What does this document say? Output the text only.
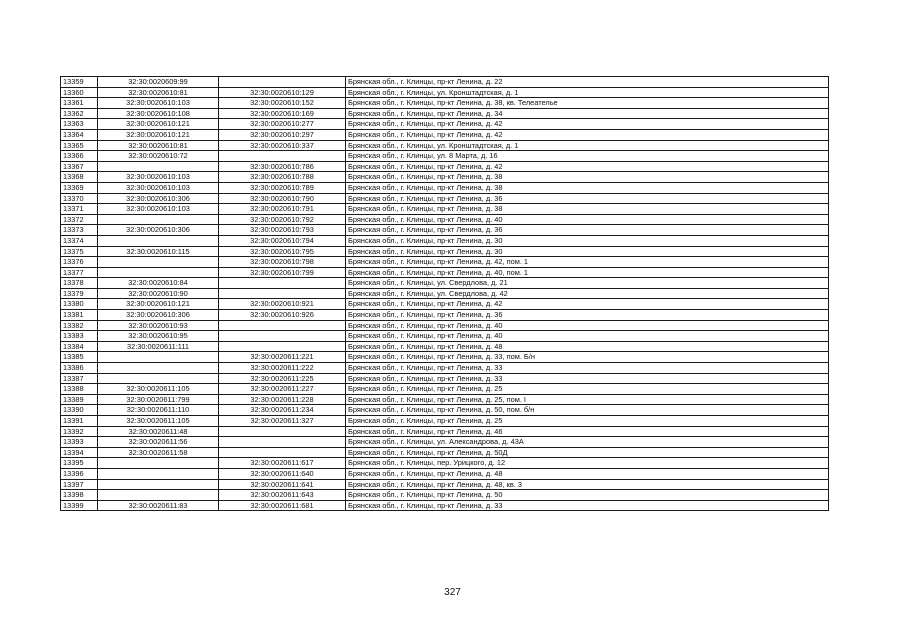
13359	32:30:0020609:99		Брянская обл., г. Клинцы, пр-кт Ленина, д. 22
13360	32:30:0020610:81	32:30:0020610:129	Брянская обл., г. Клинцы, ул. Кронштадтская, д. 1
13361	32:30:0020610:103	32:30:0020610:152	Брянская обл., г. Клинцы, пр-кт Ленина, д. 38, кв. Телеателье
13362	32:30:0020610:108	32:30:0020610:169	Брянская обл., г. Клинцы, пр-кт Ленина, д. 34
13363	32:30:0020610:121	32:30:0020610:277	Брянская обл., г. Клинцы, пр-кт Ленина, д. 42
13364	32:30:0020610:121	32:30:0020610:297	Брянская обл., г. Клинцы, пр-кт Ленина, д. 42
13365	32:30:0020610:81	32:30:0020610:337	Брянская обл., г. Клинцы, ул. Кронштадтская, д. 1
13366	32:30:0020610:72		Брянская обл., г. Клинцы, ул. 8 Марта, д. 16
13367		32:30:0020610:786	Брянская обл., г. Клинцы, пр-кт Ленина, д. 42
13368	32:30:0020610:103	32:30:0020610:788	Брянская обл., г. Клинцы, пр-кт Ленина, д. 38
13369	32:30:0020610:103	32:30:0020610:789	Брянская обл., г. Клинцы, пр-кт Ленина, д. 38
13370	32:30:0020610:306	32:30:0020610:790	Брянская обл., г. Клинцы, пр-кт Ленина, д. 36
13371	32:30:0020610:103	32:30:0020610:791	Брянская обл., г. Клинцы, пр-кт Ленина, д. 38
13372		32:30:0020610:792	Брянская обл., г. Клинцы, пр-кт Ленина, д. 40
13373	32:30:0020610:306	32:30:0020610:793	Брянская обл., г. Клинцы, пр-кт Ленина, д. 36
13374		32:30:0020610:794	Брянская обл., г. Клинцы, пр-кт Ленина, д. 30
13375	32:30:0020610:115	32:30:0020610:795	Брянская обл., г. Клинцы, пр-кт Ленина, д. 30
13376		32:30:0020610:798	Брянская обл., г. Клинцы, пр-кт Ленина, д. 42, пом. 1
13377		32:30:0020610:799	Брянская обл., г. Клинцы, пр-кт Ленина, д. 40, пом. 1
13378	32:30:0020610:84		Брянская обл., г. Клинцы, ул. Свердлова, д. 21
13379	32:30:0020610:90		Брянская обл., г. Клинцы, ул. Свердлова, д. 42
13380	32:30:0020610:121	32:30:0020610:921	Брянская обл., г. Клинцы, пр-кт Ленина, д. 42
13381	32:30:0020610:306	32:30:0020610:926	Брянская обл., г. Клинцы, пр-кт Ленина, д. 36
13382	32:30:0020610:93		Брянская обл., г. Клинцы, пр-кт Ленина, д. 40
13383	32:30:0020610:95		Брянская обл., г. Клинцы, пр-кт Ленина, д. 40
13384	32:30:0020611:111		Брянская обл., г. Клинцы, пр-кт Ленина, д. 48
13385		32:30:0020611:221	Брянская обл., г. Клинцы, пр-кт Ленина, д. 33, пом. Б/н
13386		32:30:0020611:222	Брянская обл., г. Клинцы, пр-кт Ленина, д. 33
13387		32:30:0020611:225	Брянская обл., г. Клинцы, пр-кт Ленина, д. 33
13388	32:30:0020611:105	32:30:0020611:227	Брянская обл., г. Клинцы, пр-кт Ленина, д. 25
13389	32:30:0020611:799	32:30:0020611:228	Брянская обл., г. Клинцы, пр-кт Ленина, д. 25, пом. I
13390	32:30:0020611:110	32:30:0020611:234	Брянская обл., г. Клинцы, пр-кт Ленина, д. 50, пом. б/н
13391	32:30:0020611:105	32:30:0020611:327	Брянская обл., г. Клинцы, пр-кт Ленина, д. 25
13392	32:30:0020611:48		Брянская обл., г. Клинцы, пр-кт Ленина, д. 46
13393	32:30:0020611:56		Брянская обл., г. Клинцы, ул. Александрова, д. 43А
13394	32:30:0020611:58		Брянская обл., г. Клинцы, пр-кт Ленина, д. 50Д
13395		32:30:0020611:617	Брянская обл., г. Клинцы, пер. Урицкого, д. 12
13396		32:30:0020611:640	Брянская обл., г. Клинцы, пр-кт Ленина, д. 48
13397		32:30:0020611:641	Брянская обл., г. Клинцы, пр-кт Ленина, д. 48, кв. 3
13398		32:30:0020611:643	Брянская обл., г. Клинцы, пр-кт Ленина, д. 50
13399	32:30:0020611:83	32:30:0020611:681	Брянская обл., г. Клинцы, пр-кт Ленина, д. 33
327
